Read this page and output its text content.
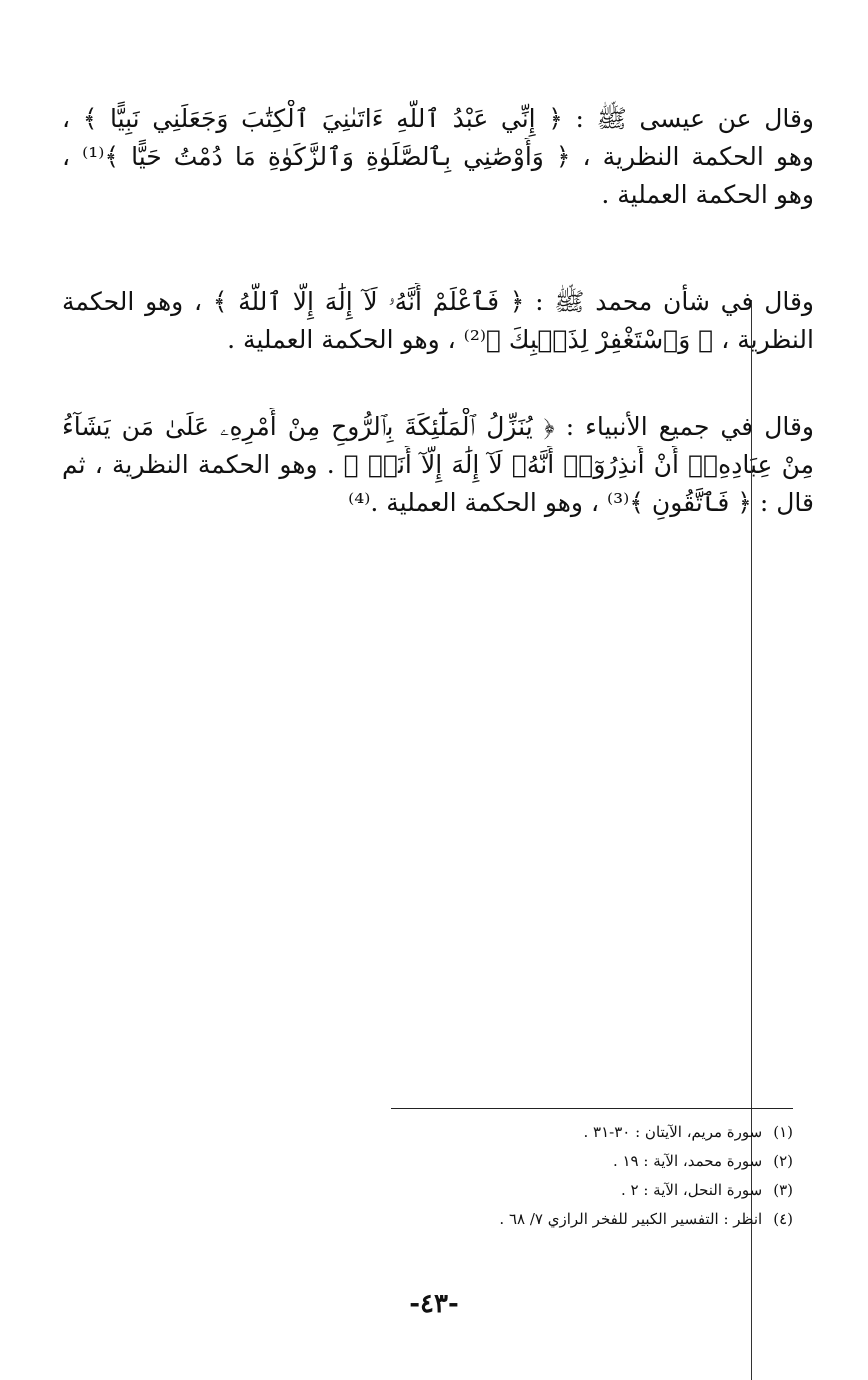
وقال عن عيسى ﷺ : ﴿ إِنِّي عَبْدُ ٱللَّهِ ءَاتَىٰنِيَ ٱلْكِتَٰبَ وَجَعَلَنِي نَبِيًّا ﴾ ،
وهو الحكمة النظرية ، ﴿ وَأَوْصَٰنِي بِٱلصَّلَوٰةِ وَٱلزَّكَوٰةِ مَا دُمْتُ حَيًّا ﴾⁽¹⁾ ،
وهو الحكمة العملية .
وقال في شأن محمد ﷺ : ﴿ فَٱعْلَمْ أَنَّهُۥ لَآ إِلَٰهَ إِلَّا ٱللَّهُ ﴾ ، وهو الحكمة
النظرية ، ﴿ وَٱسْتَغْفِرْ لِذَنۢبِكَ ﴾⁽²⁾ ، وهو الحكمة العملية .
وقال في جميع الأنبياء : ﴿ يُنَزِّلُ ٱلْمَلَٰٓئِكَةَ بِٱلرُّوحِ مِنْ أَمْرِهِۦ عَلَىٰ مَن يَشَآءُ
مِنْ عِبَادِهِۦٓ أَنْ أَنذِرُوٓا۟ أَنَّهُۥ لَآ إِلَٰهَ إِلَّآ أَنَا۠ ﴾ . وهو الحكمة النظرية ، ثم
قال : ﴿ فَٱتَّقُونِ ﴾⁽³⁾ ، وهو الحكمة العملية .⁽⁴⁾
(١) سورة مريم، الآيتان : ٣٠-٣١ .
(٢) سورة محمد، الآية : ١٩ .
(٣) سورة النحل، الآية : ٢ .
(٤) انظر : التفسير الكبير للفخر الرازي ٧/ ٦٨ .
-٤٣-
